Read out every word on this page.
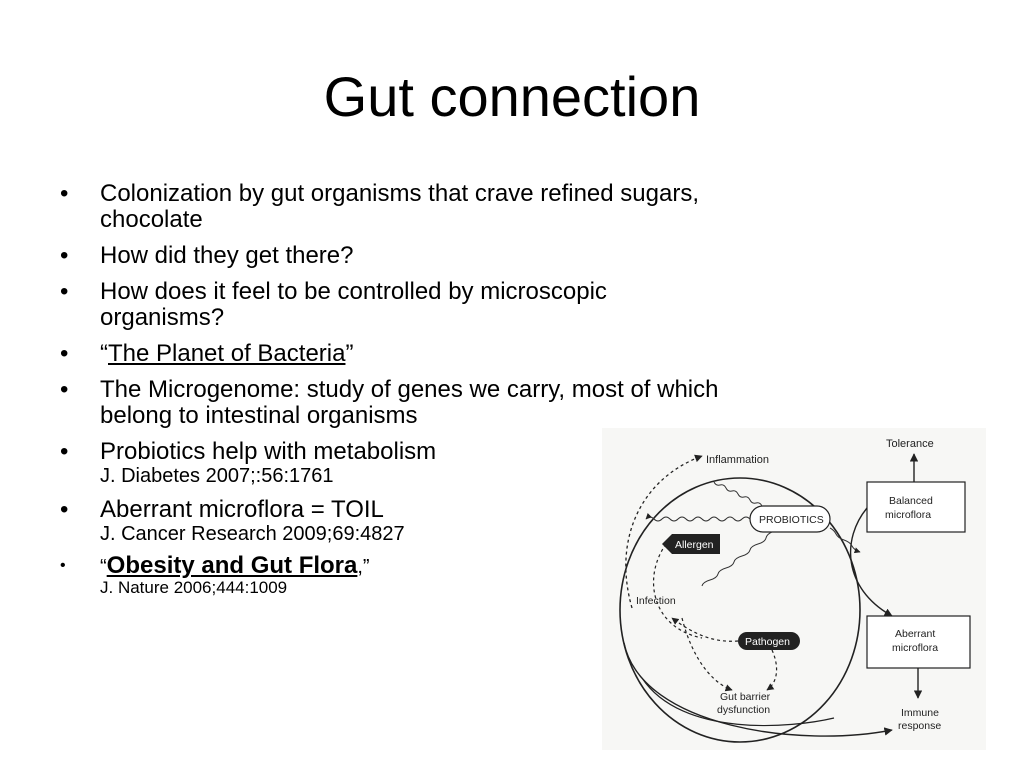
Gut connection
• Colonization by gut organisms that crave refined sugars, chocolate
• How did they get there?
• How does it feel to be controlled by microscopic organisms?
• “The Planet of Bacteria”
• The Microgenome: study of genes we carry, most of which belong to intestinal organisms
• Probiotics help with metabolism
J. Diabetes 2007;:56:1761
• Aberrant microflora = TOIL
J. Cancer Research 2009;69:4827
• “Obesity and Gut Flora,”
J. Nature 2006;444:1009
Tolerance
Inflammation
PROBIOTICS
Balanced
microflora
Allergen
Infection
Pathogen
Aberrant
microflora
Gut barrier
dysfunction	Immune
response
